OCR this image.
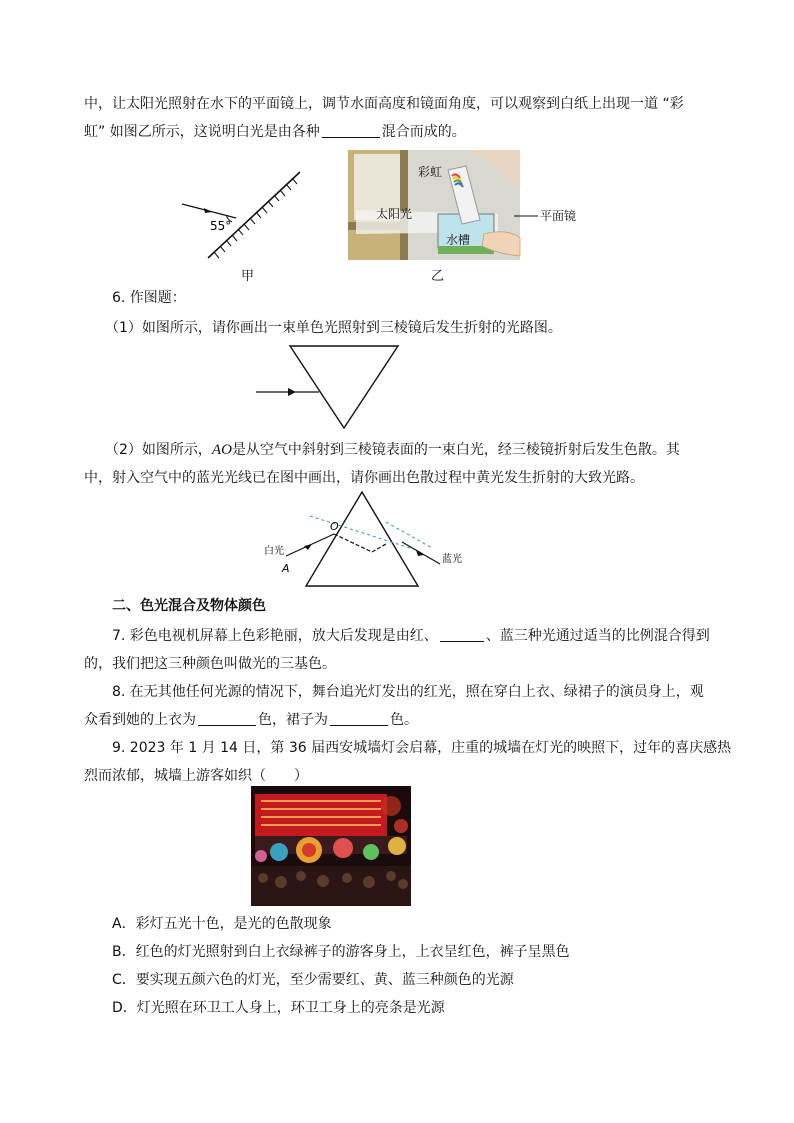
中，让太阳光照射在水下的平面镜上，调节水面高度和镜面角度，可以观察到白纸上出现一道 “彩
虹” 如图乙所示，这说明白光是由各种	混合而成的。
55°
甲
彩虹
太阳光
水槽
平面镜
乙
6. 作图题：
（1）如图所示，请你画出一束单色光照射到三棱镜后发生折射的光路图。
（2）如图所示，AO是从空气中斜射到三棱镜表面的一束白光，经三棱镜折射后发生色散。其
中，射入空气中的蓝光光线已在图中画出，请你画出色散过程中黄光发生折射的大致光路。
O
白光
A
蓝光
二、色光混合及物体颜色
7. 彩色电视机屏幕上色彩艳丽，放大后发现是由红、	、蓝三种光通过适当的比例混合得到
的，我们把这三种颜色叫做光的三基色。
8. 在无其他任何光源的情况下，舞台追光灯发出的红光，照在穿白上衣、绿裙子的演员身上，观
众看到她的上衣为	色，裙子为	色。
9. 2023 年 1 月 14 日，第 36 届西安城墙灯会启幕，庄重的城墙在灯光的映照下，过年的喜庆感热
烈而浓郁，城墙上游客如织（　　）
A．彩灯五光十色，是光的色散现象
B．红色的灯光照射到白上衣绿裤子的游客身上，上衣呈红色，裤子呈黑色
C．要实现五颜六色的灯光，至少需要红、黄、蓝三种颜色的光源
D．灯光照在环卫工人身上，环卫工身上的亮条是光源
